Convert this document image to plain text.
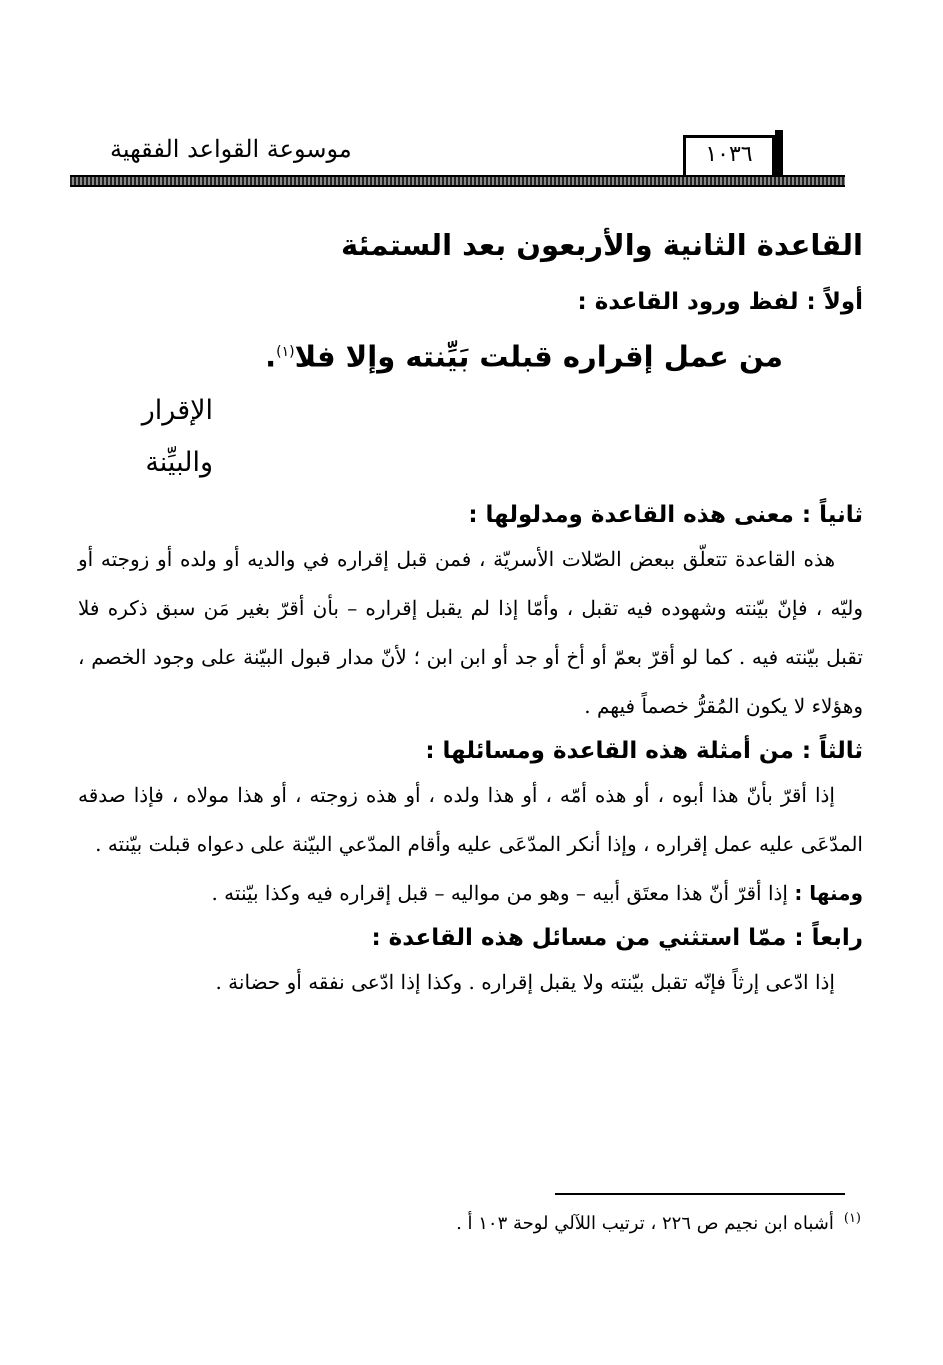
موسوعة القواعد الفقهية	١٠٣٦
القاعدة الثانية والأربعون بعد الستمئة
أولاً : لفظ ورود القاعدة :
من عمل إقراره قبلت بَيِّنته وإلا فلا$^{(١)}$.
الإقرار والبيِّنة
ثانياً : معنى هذه القاعدة ومدلولها :

هذه القاعدة تتعلّق ببعض الصّلات الأسريّة ، فمن قبل إقراره في والديه أو ولده أو زوجته أو وليّه ، فإنّ بيّنته وشهوده فيه تقبل ، وأمّا إذا لم يقبل إقراره – بأن أقرّ بغير مَن سبق ذكره فلا تقبل بيّنته فيه . كما لو أقرّ بعمّ أو أخ أو جد أو ابن ابن ؛ لأنّ مدار قبول البيّنة على وجود الخصم ، وهؤلاء لا يكون المُقرُّ خصماً فيهم .

ثالثاً : من أمثلة هذه القاعدة ومسائلها :

إذا أقرّ بأنّ هذا أبوه ، أو هذه أمّه ، أو هذا ولده ، أو هذه زوجته ، أو هذا مولاه ، فإذا صدقه المدّعَى عليه عمل إقراره ، وإذا أنكر المدّعَى عليه وأقام المدّعي البيّنة على دعواه قبلت بيّنته .

ومنها : إذا أقرّ أنّ هذا معتَق أبيه – وهو من مواليه – قبل إقراره فيه وكذا بيّنته .

رابعاً : ممّا استثني من مسائل هذه القاعدة :

إذا ادّعى إرثاً فإنّه تقبل بيّنته ولا يقبل إقراره . وكذا إذا ادّعى نفقه أو حضانة .

$^{(١)}$أشباه ابن نجيم ص ٢٢٦ ، ترتيب اللآلي لوحة ١٠٣ أ .
